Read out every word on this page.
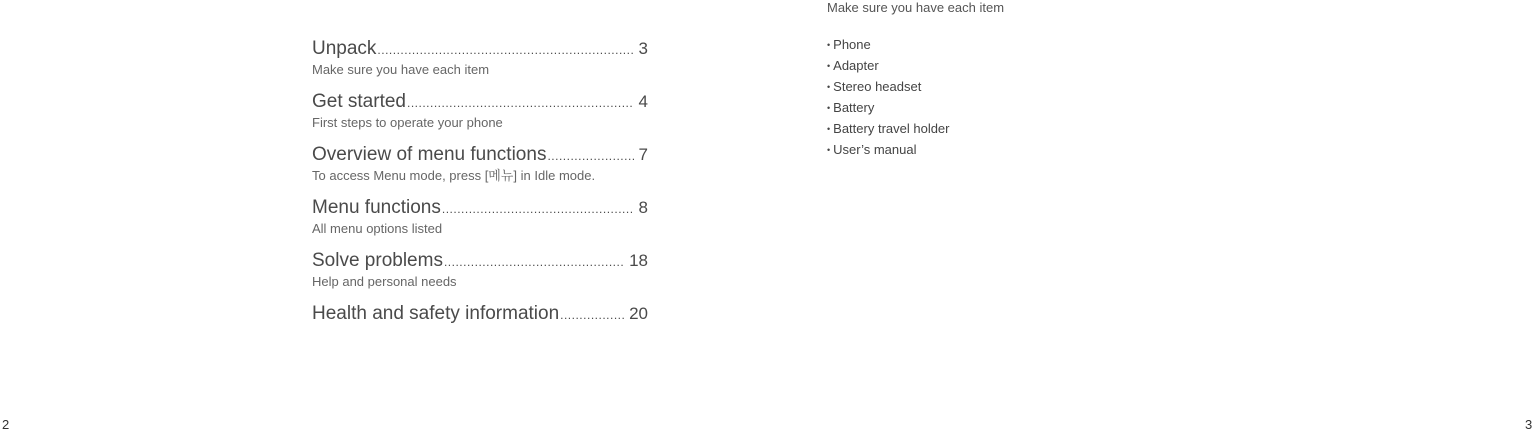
Unpack .....	3
Make sure you have each item
Get started .....	4
First steps to operate your phone
Overview of menu functions .....	7
To access Menu mode, press [메뉴] in Idle mode.
Menu functions .....	8
All menu options listed
Solve problems .....	18
Help and personal needs
Health and safety information .....	20
Make sure you have each item
• Phone
• Adapter
• Stereo headset
• Battery
• Battery travel holder
• User’s manual
2	3
